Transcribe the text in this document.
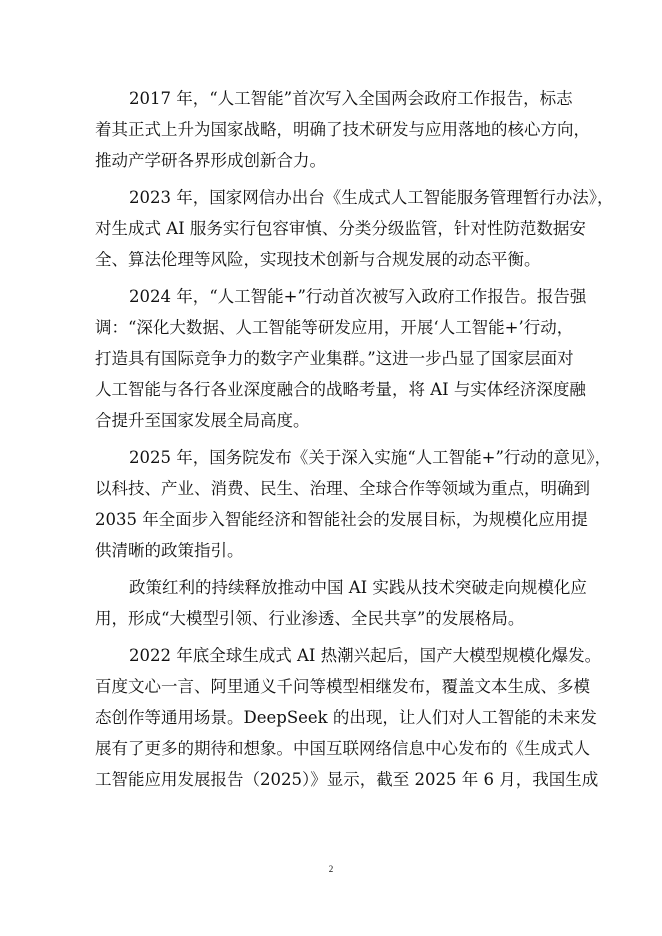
2017 年，“人工智能”首次写入全国两会政府工作报告，标志
着其正式上升为国家战略，明确了技术研发与应用落地的核心方向，
推动产学研各界形成创新合力。

2023 年，国家网信办出台《生成式人工智能服务管理暂行办法》，
对生成式 AI 服务实行包容审慎、分类分级监管，针对性防范数据安
全、算法伦理等风险，实现技术创新与合规发展的动态平衡。

2024 年，“人工智能+”行动首次被写入政府工作报告。报告强
调：“深化大数据、人工智能等研发应用，开展‘人工智能+’行动，
打造具有国际竞争力的数字产业集群。”这进一步凸显了国家层面对
人工智能与各行各业深度融合的战略考量，将 AI 与实体经济深度融
合提升至国家发展全局高度。

2025 年，国务院发布《关于深入实施“人工智能+”行动的意见》，
以科技、产业、消费、民生、治理、全球合作等领域为重点，明确到
2035 年全面步入智能经济和智能社会的发展目标，为规模化应用提
供清晰的政策指引。

政策红利的持续释放推动中国 AI 实践从技术突破走向规模化应
用，形成“大模型引领、行业渗透、全民共享”的发展格局。

2022 年底全球生成式 AI 热潮兴起后，国产大模型规模化爆发。
百度文心一言、阿里通义千问等模型相继发布，覆盖文本生成、多模
态创作等通用场景。DeepSeek 的出现，让人们对人工智能的未来发
展有了更多的期待和想象。中国互联网络信息中心发布的《生成式人
工智能应用发展报告（2025）》显示，截至 2025 年 6 月，我国生成

2
